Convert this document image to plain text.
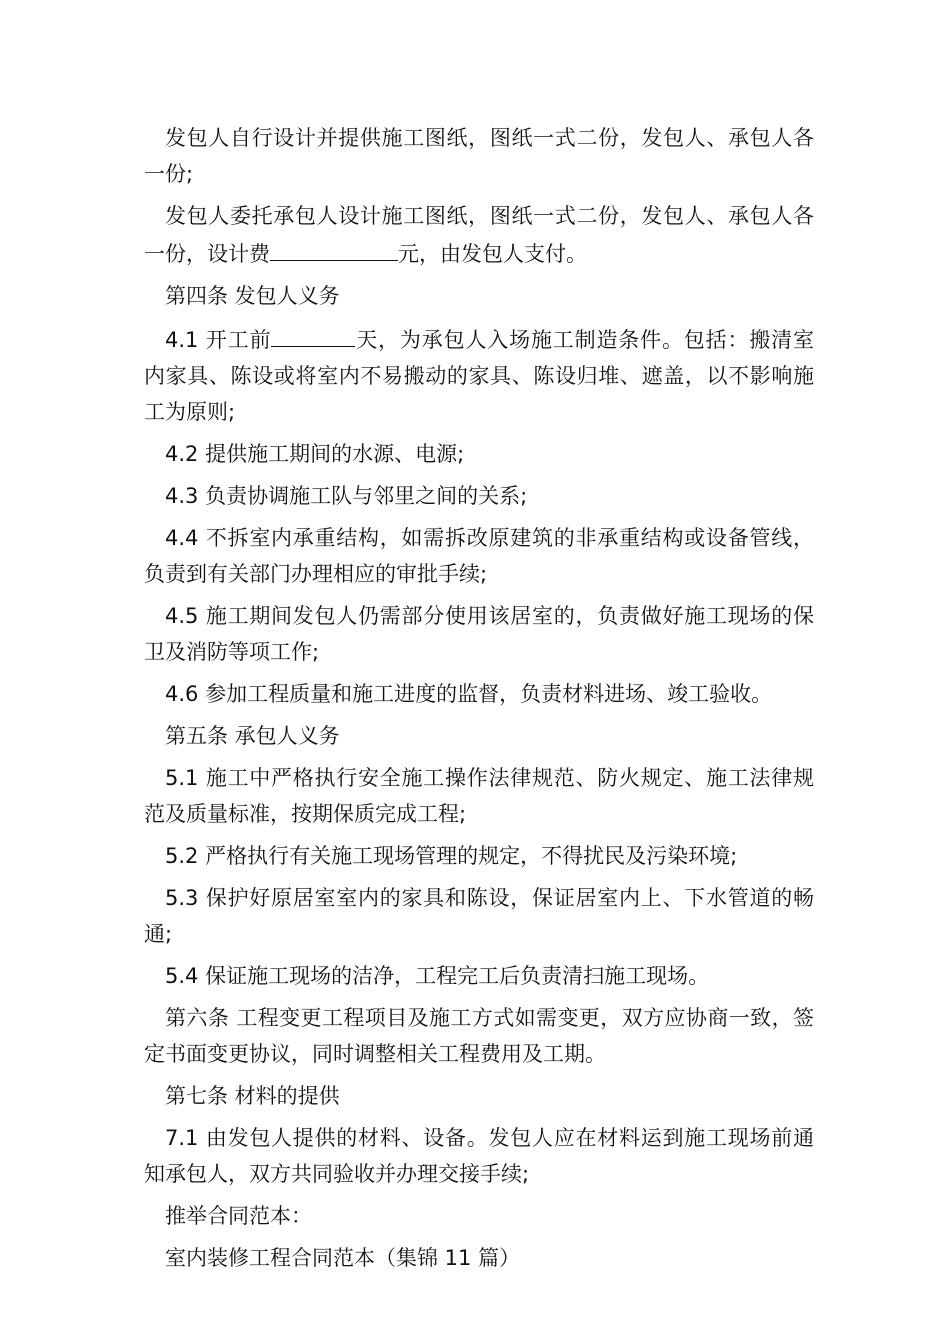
发包人自行设计并提供施工图纸，图纸一式二份，发包人、承包人各一份;

发包人委托承包人设计施工图纸，图纸一式二份，发包人、承包人各一份，设计费	元，由发包人支付。

第四条 发包人义务

4.1 开工前	天，为承包人入场施工制造条件。包括：搬清室内家具、陈设或将室内不易搬动的家具、陈设归堆、遮盖，以不影响施工为原则;

4.2 提供施工期间的水源、电源;

4.3 负责协调施工队与邻里之间的关系;

4.4 不拆室内承重结构，如需拆改原建筑的非承重结构或设备管线，负责到有关部门办理相应的审批手续;

4.5 施工期间发包人仍需部分使用该居室的，负责做好施工现场的保卫及消防等项工作;

4.6 参加工程质量和施工进度的监督，负责材料进场、竣工验收。

第五条 承包人义务

5.1 施工中严格执行安全施工操作法律规范、防火规定、施工法律规范及质量标准，按期保质完成工程;

5.2 严格执行有关施工现场管理的规定，不得扰民及污染环境;

5.3 保护好原居室室内的家具和陈设，保证居室内上、下水管道的畅通;

5.4 保证施工现场的洁净，工程完工后负责清扫施工现场。

第六条 工程变更工程项目及施工方式如需变更，双方应协商一致，签定书面变更协议，同时调整相关工程费用及工期。

第七条 材料的提供

7.1 由发包人提供的材料、设备。发包人应在材料运到施工现场前通知承包人，双方共同验收并办理交接手续;

推举合同范本：

室内装修工程合同范本（集锦 11 篇）
